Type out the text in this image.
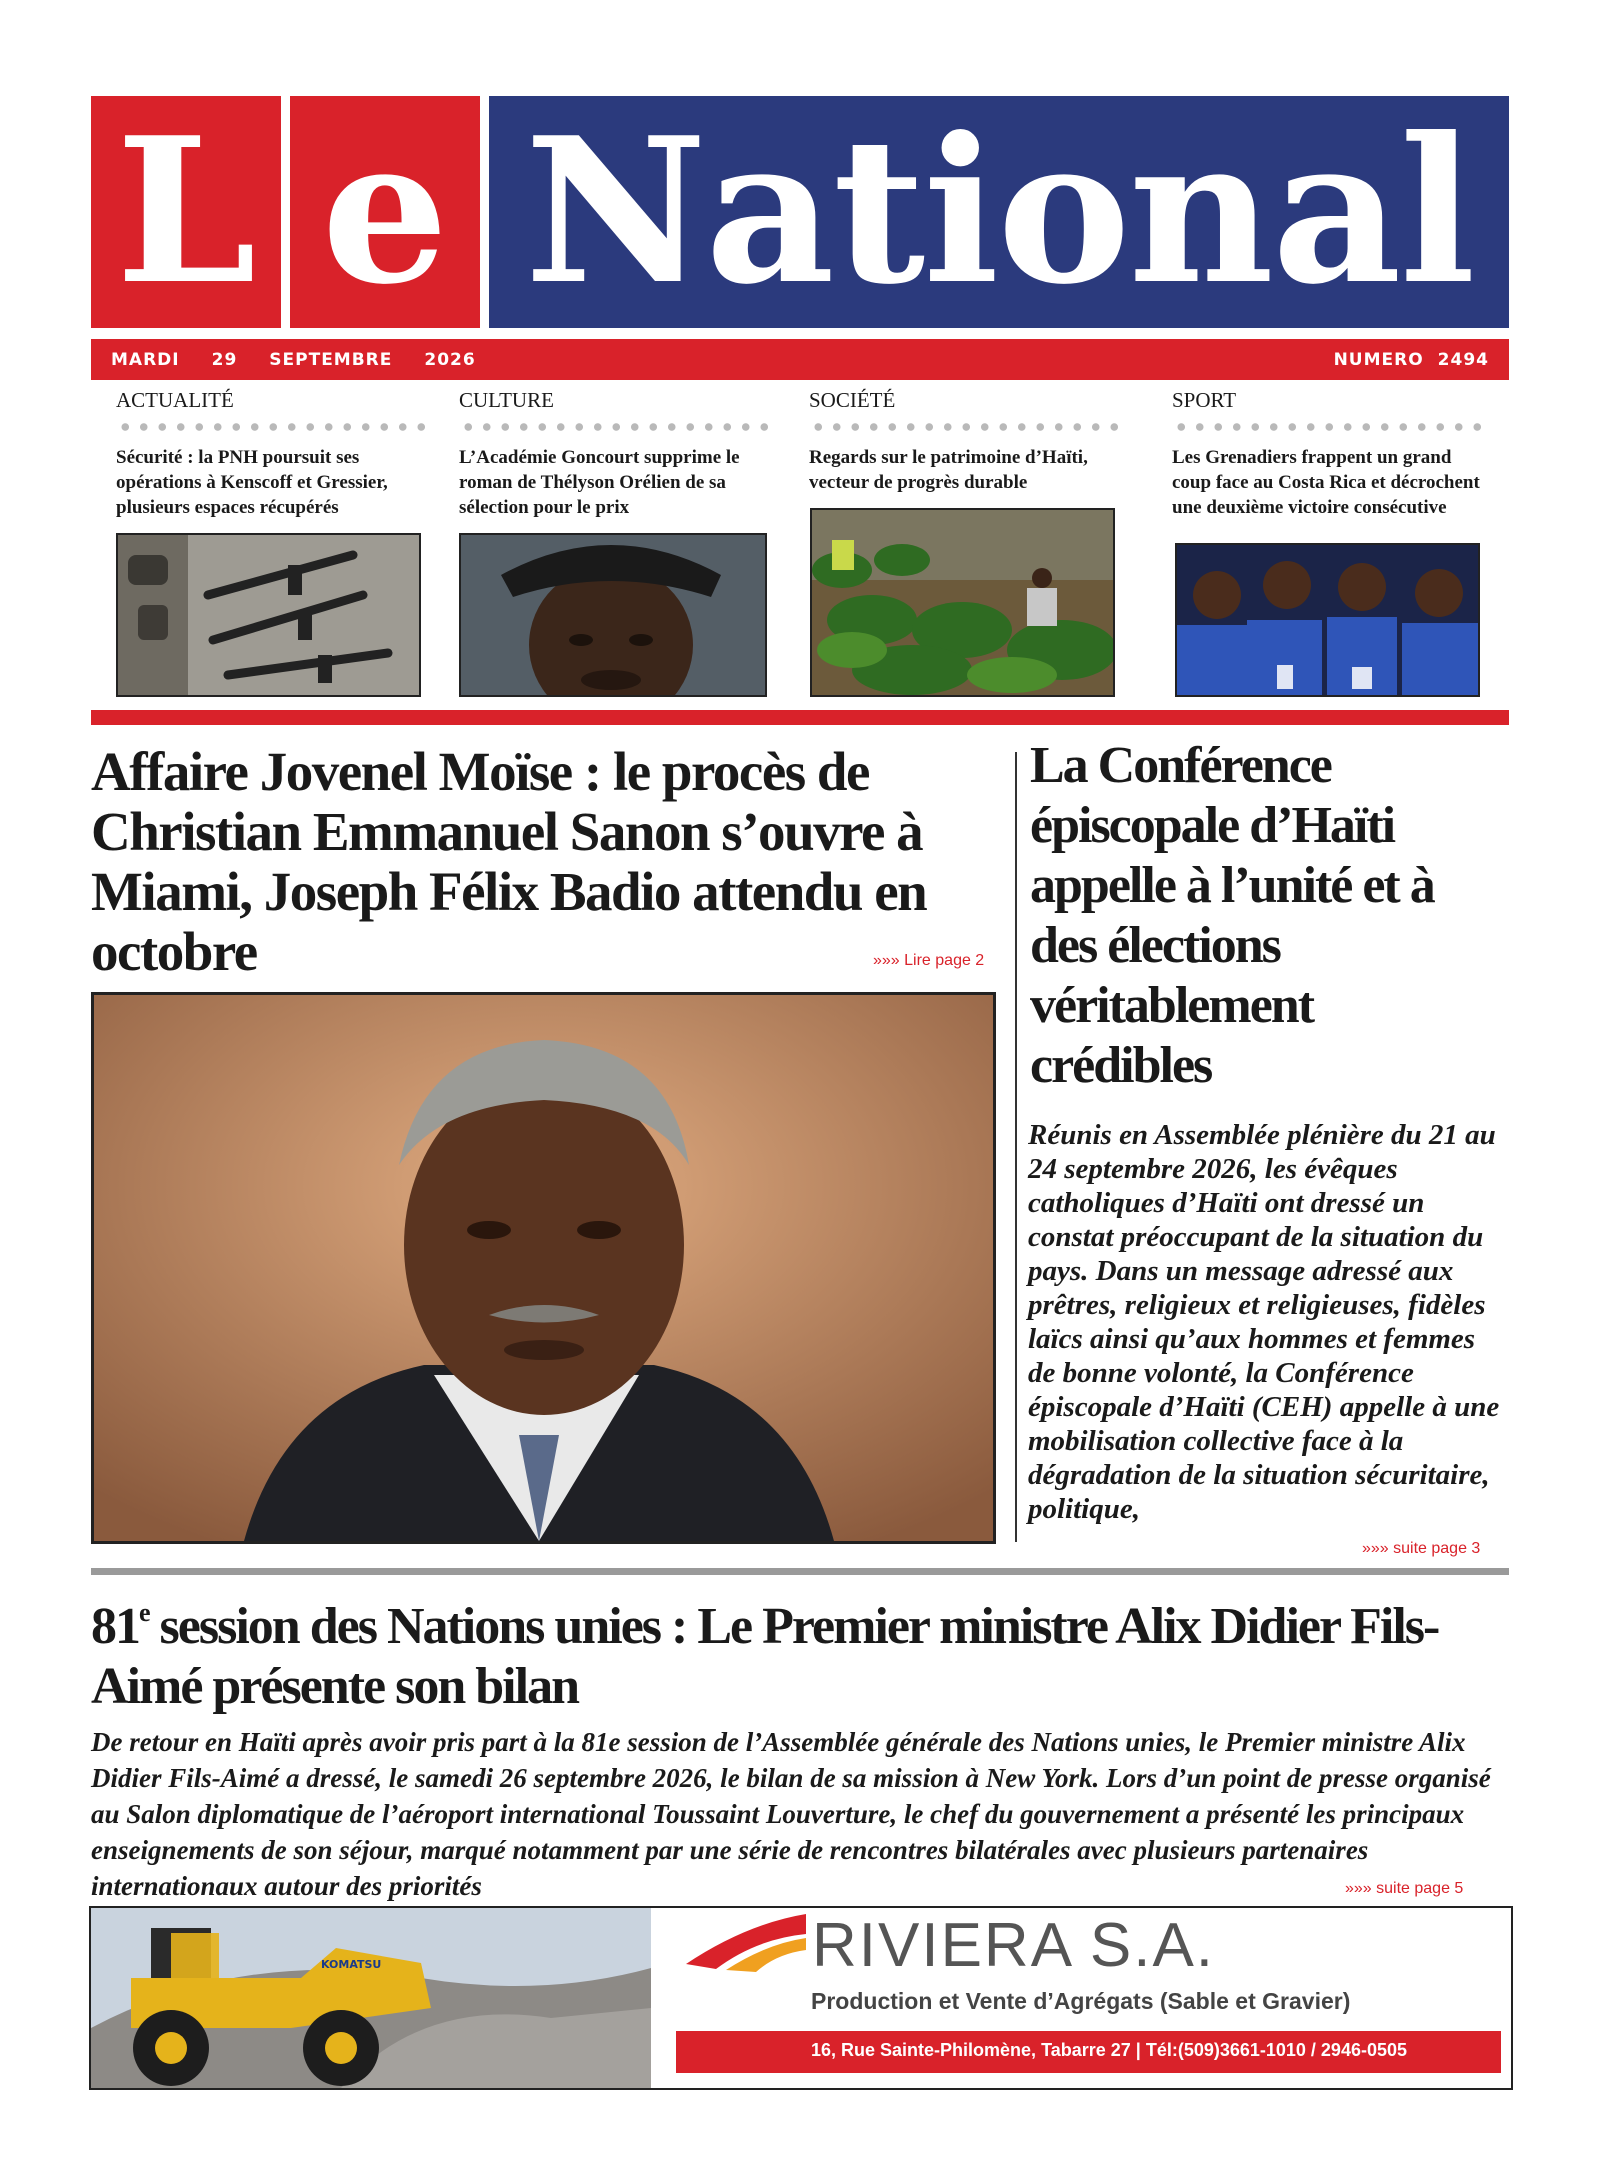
L e National
MARDI 29 SEPTEMBRE 2026	NUMERO 2494
ACTUALITÉ
Sécurité : la PNH poursuit ses opérations à Kenscoff et Gressier, plusieurs espaces récupérés
CULTURE
L’Académie Goncourt supprime le roman de Thélyson Orélien de sa sélection pour le prix
SOCIÉTÉ
Regards sur le patrimoine d’Haïti, vecteur de progrès durable
SPORT
Les Grenadiers frappent un grand coup face au Costa Rica et décrochent une deuxième victoire consécutive
Affaire Jovenel Moïse : le procès de Christian Emmanuel Sanon s’ouvre à Miami, Joseph Félix Badio attendu en octobre	»»» Lire page 2
La Conférence épiscopale d’Haïti appelle à l’unité et à des élections véritablement crédibles
Réunis en Assemblée plénière du 21 au 24 septembre 2026, les évêques catholiques d’Haïti ont dressé un constat préoccupant de la situation du pays. Dans un message adressé aux prêtres, religieux et religieuses, fidèles laïcs ainsi qu’aux hommes et femmes de bonne volonté, la Conférence épiscopale d’Haïti (CEH) appelle à une mobilisation collective face à la dégradation de la situation sécuritaire, politique,
»»» suite page 3
81e session des Nations unies : Le Premier ministre Alix Didier Fils-Aimé présente son bilan
De retour en Haïti après avoir pris part à la 81e session de l’Assemblée générale des Nations unies, le Premier ministre Alix Didier Fils-Aimé a dressé, le samedi 26 septembre 2026, le bilan de sa mission à New York. Lors d’un point de presse organisé au Salon diplomatique de l’aéroport international Toussaint Louverture, le chef du gouvernement a présenté les principaux enseignements de son séjour, marqué notamment par une série de rencontres bilatérales avec plusieurs partenaires internationaux autour des priorités	»»» suite page 5
KOMATSU	RIVIERA S.A.
Production et Vente d’Agrégats (Sable et Gravier)
16, Rue Sainte-Philomène, Tabarre 27 | Tél:(509)3661-1010 / 2946-0505
